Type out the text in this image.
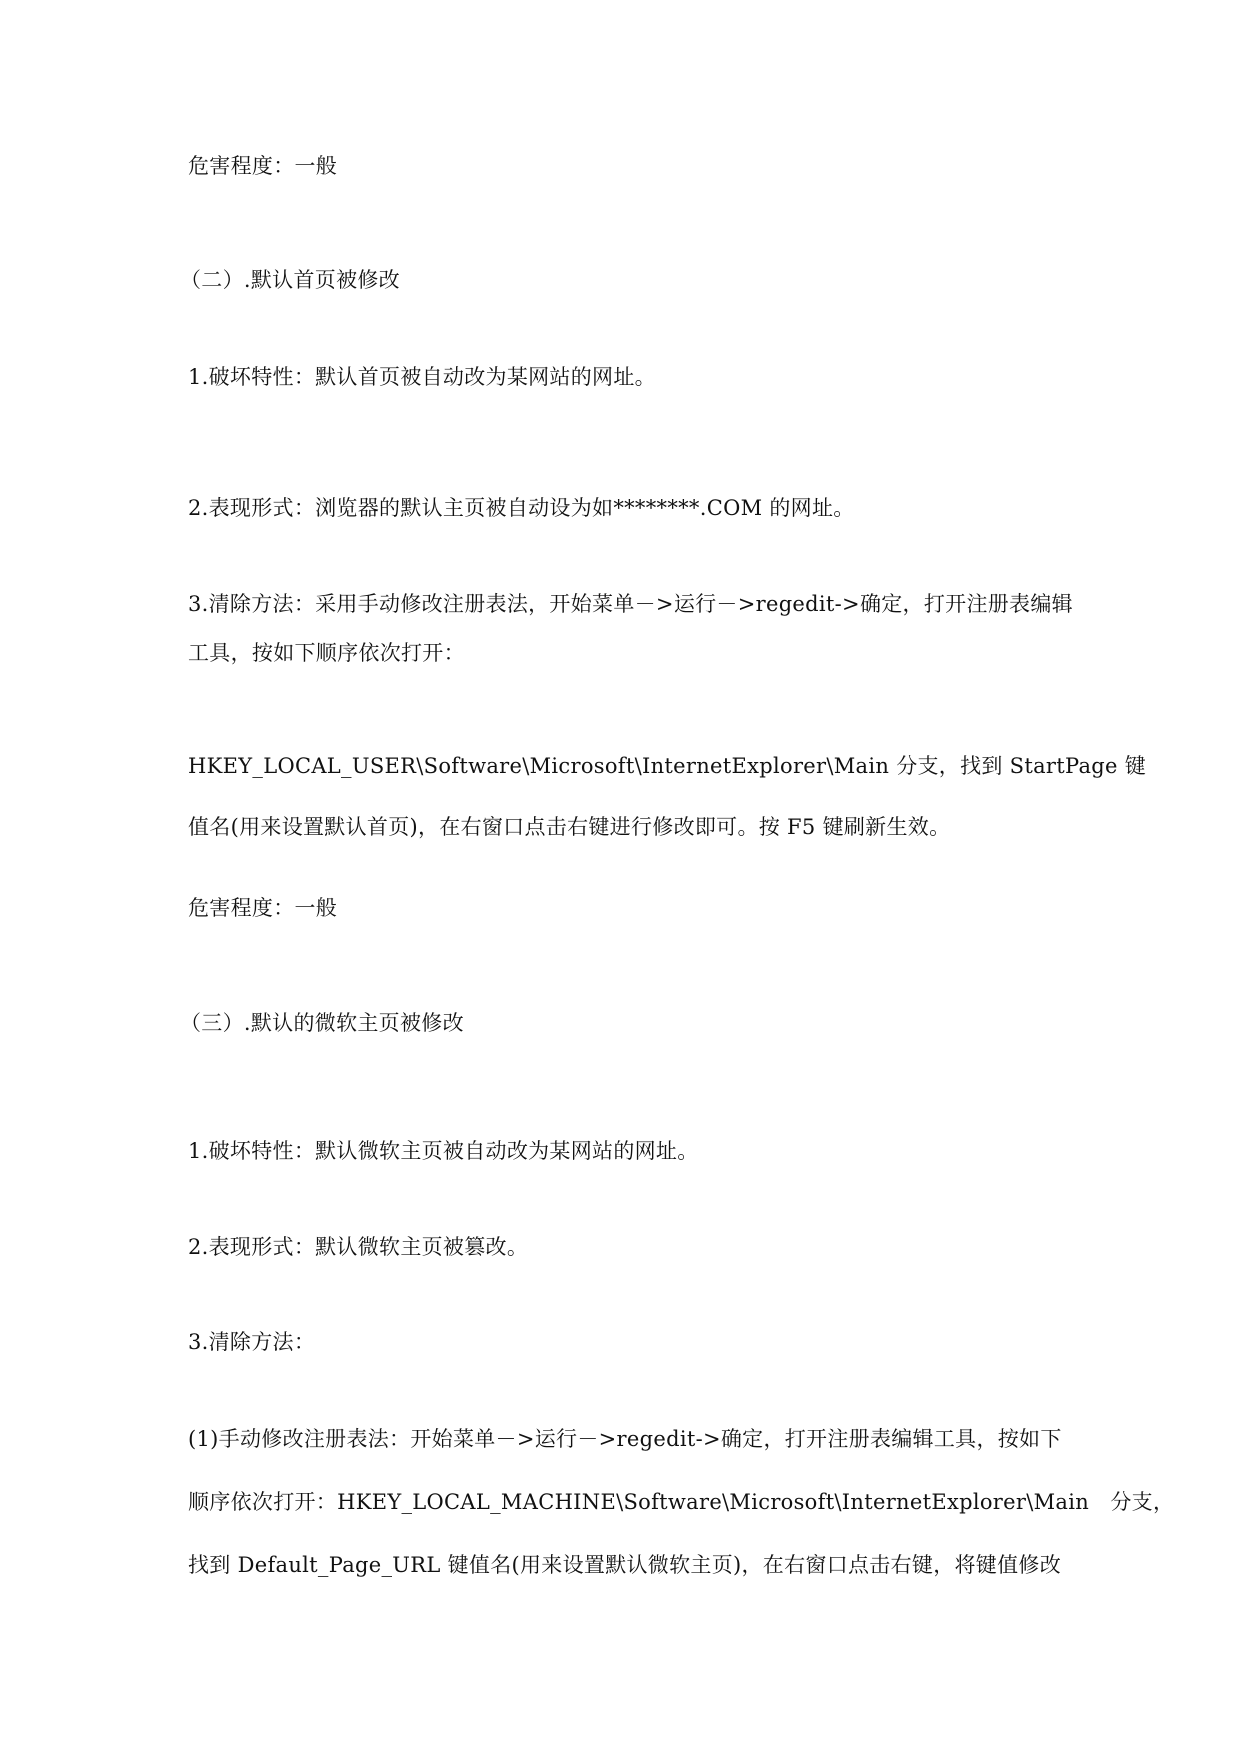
危害程度：一般

（二）.默认首页被修改

1.破坏特性：默认首页被自动改为某网站的网址。

2.表现形式：浏览器的默认主页被自动设为如********.COM 的网址。

3.清除方法：采用手动修改注册表法，开始菜单－>运行－>regedit->确定，打开注册表编辑

工具，按如下顺序依次打开：

HKEY_LOCAL_USER\Software\Microsoft\InternetExplorer\Main 分支，找到 StartPage 键

值名(用来设置默认首页)，在右窗口点击右键进行修改即可。按 F5 键刷新生效。

危害程度：一般

（三）.默认的微软主页被修改

1.破坏特性：默认微软主页被自动改为某网站的网址。

2.表现形式：默认微软主页被篡改。

3.清除方法：

(1)手动修改注册表法：开始菜单－>运行－>regedit->确定，打开注册表编辑工具，按如下

顺序依次打开：HKEY_LOCAL_MACHINE\Software\Microsoft\InternetExplorer\Main　分支，

找到 Default_Page_URL 键值名(用来设置默认微软主页)，在右窗口点击右键，将键值修改
